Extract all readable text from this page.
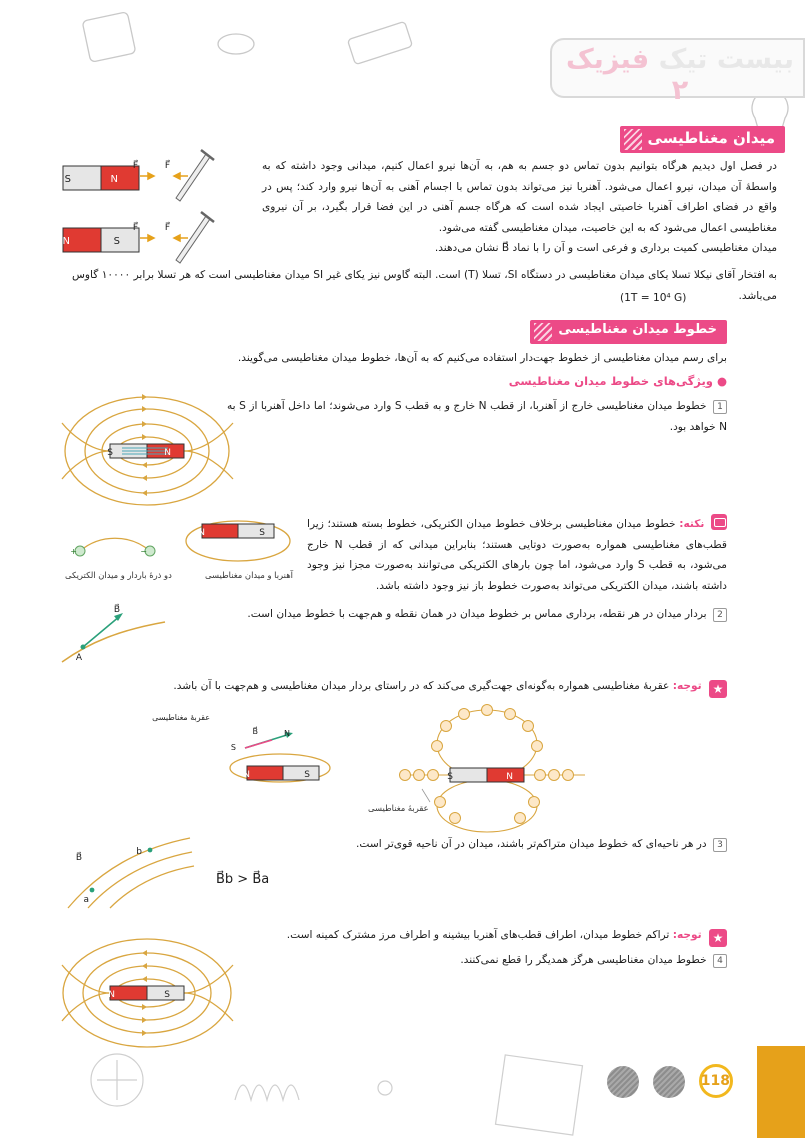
بیست تیک فیزیک ۲
میدان مغناطیسی
S	N
F⃗	F⃗
N	S
F⃗	F⃗
در فصل اول دیدیم هرگاه بتوانیم بدون تماس دو جسم به هم، به آن‌ها نیرو اعمال کنیم، میدانی وجود داشته که به واسطهٔ آن میدان، نیرو اعمال می‌شود. آهنربا نیز می‌تواند بدون تماس با اجسام آهنی به آن‌ها نیرو وارد کند؛ پس در واقع در فضای اطراف آهنربا خاصیتی ایجاد شده است که هرگاه جسم آهنی در این فضا قرار بگیرد، بر آن نیروی مغناطیسی اعمال می‌شود که به این خاصیت، میدان مغناطیسی گفته می‌شود.
میدان مغناطیسی کمیت برداری و فرعی است و آن را با نماد B⃗ نشان می‌دهند.
به افتخار آقای نیکلا تسلا یکای میدان مغناطیسی در دستگاه SI، تسلا (T) است. البته گاوس نیز یکای غیر SI میدان مغناطیسی است که هر تسلا برابر ۱۰۰۰۰ گاوس می‌باشد.
(1T = 10⁴ G)
خطوط میدان مغناطیسی
برای رسم میدان مغناطیسی از خطوط جهت‌دار استفاده می‌کنیم که به آن‌ها، خطوط میدان مغناطیسی می‌گویند.
● ویژگی‌های خطوط میدان مغناطیسی
S	N
1 خطوط میدان مغناطیسی خارج از آهنربا، از قطب N خارج و به قطب S وارد می‌شوند؛ اما داخل آهنربا از S به N خواهد بود.
نکته: خطوط میدان مغناطیسی برخلاف خطوط میدان الکتریکی، خطوط بسته هستند؛ زیرا قطب‌های مغناطیسی همواره به‌صورت دوتایی هستند؛ بنابراین میدانی که از قطب N خارج می‌شود، به قطب S وارد می‌شود، اما چون بارهای الکتریکی می‌توانند به‌صورت مجزا نیز وجود داشته باشند، میدان الکتریکی می‌تواند به‌صورت خطوط باز نیز وجود داشته باشد.
N	S
+	−
آهنربا و میدان مغناطیسی
دو ذرهٔ باردار و میدان الکتریکی
2 بردار میدان در هر نقطه، برداری مماس بر خطوط میدان در همان نقطه و هم‌جهت با خطوط میدان است.
B⃗
A
★ توجه: عقربهٔ مغناطیسی همواره به‌گونه‌ای جهت‌گیری می‌کند که در راستای بردار میدان مغناطیسی و هم‌جهت با آن باشد.
عقربهٔ مغناطیسی
N	S
B⃗	N
S
S	N
عقربهٔ مغناطیسی
3 در هر ناحیه‌ای که خطوط میدان متراکم‌تر باشند، میدان در آن ناحیه قوی‌تر است.
B⃗
b
a
B⃗b > B⃗a
★ توجه: تراکم خطوط میدان، اطراف قطب‌های آهنربا بیشینه و اطراف مرز مشترک کمینه است.
4 خطوط میدان مغناطیسی هرگز همدیگر را قطع نمی‌کنند.
N	S
118
